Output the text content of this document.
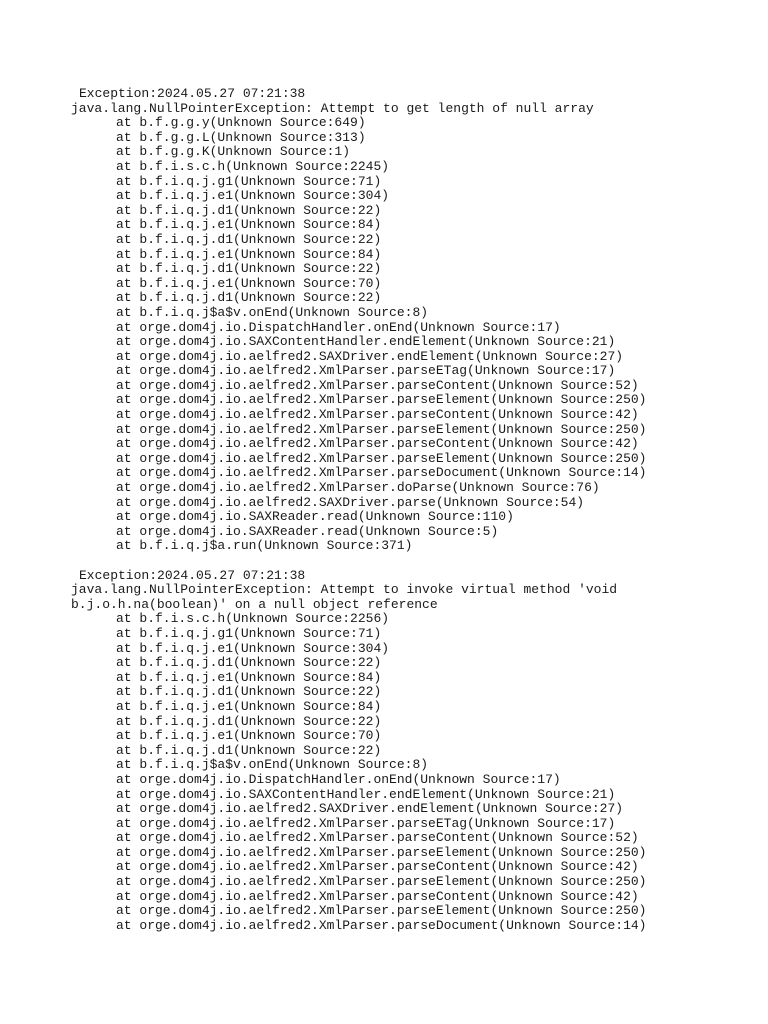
Exception:2024.05.27 07:21:38
java.lang.NullPointerException: Attempt to get length of null array
at b.f.g.g.y(Unknown Source:649)
at b.f.g.g.L(Unknown Source:313)
at b.f.g.g.K(Unknown Source:1)
at b.f.i.s.c.h(Unknown Source:2245)
at b.f.i.q.j.g1(Unknown Source:71)
at b.f.i.q.j.e1(Unknown Source:304)
at b.f.i.q.j.d1(Unknown Source:22)
at b.f.i.q.j.e1(Unknown Source:84)
at b.f.i.q.j.d1(Unknown Source:22)
at b.f.i.q.j.e1(Unknown Source:84)
at b.f.i.q.j.d1(Unknown Source:22)
at b.f.i.q.j.e1(Unknown Source:70)
at b.f.i.q.j.d1(Unknown Source:22)
at b.f.i.q.j$a$v.onEnd(Unknown Source:8)
at orge.dom4j.io.DispatchHandler.onEnd(Unknown Source:17)
at orge.dom4j.io.SAXContentHandler.endElement(Unknown Source:21)
at orge.dom4j.io.aelfred2.SAXDriver.endElement(Unknown Source:27)
at orge.dom4j.io.aelfred2.XmlParser.parseETag(Unknown Source:17)
at orge.dom4j.io.aelfred2.XmlParser.parseContent(Unknown Source:52)
at orge.dom4j.io.aelfred2.XmlParser.parseElement(Unknown Source:250)
at orge.dom4j.io.aelfred2.XmlParser.parseContent(Unknown Source:42)
at orge.dom4j.io.aelfred2.XmlParser.parseElement(Unknown Source:250)
at orge.dom4j.io.aelfred2.XmlParser.parseContent(Unknown Source:42)
at orge.dom4j.io.aelfred2.XmlParser.parseElement(Unknown Source:250)
at orge.dom4j.io.aelfred2.XmlParser.parseDocument(Unknown Source:14)
at orge.dom4j.io.aelfred2.XmlParser.doParse(Unknown Source:76)
at orge.dom4j.io.aelfred2.SAXDriver.parse(Unknown Source:54)
at orge.dom4j.io.SAXReader.read(Unknown Source:110)
at orge.dom4j.io.SAXReader.read(Unknown Source:5)
at b.f.i.q.j$a.run(Unknown Source:371)
Exception:2024.05.27 07:21:38
java.lang.NullPointerException: Attempt to invoke virtual method 'void
b.j.o.h.na(boolean)' on a null object reference
at b.f.i.s.c.h(Unknown Source:2256)
at b.f.i.q.j.g1(Unknown Source:71)
at b.f.i.q.j.e1(Unknown Source:304)
at b.f.i.q.j.d1(Unknown Source:22)
at b.f.i.q.j.e1(Unknown Source:84)
at b.f.i.q.j.d1(Unknown Source:22)
at b.f.i.q.j.e1(Unknown Source:84)
at b.f.i.q.j.d1(Unknown Source:22)
at b.f.i.q.j.e1(Unknown Source:70)
at b.f.i.q.j.d1(Unknown Source:22)
at b.f.i.q.j$a$v.onEnd(Unknown Source:8)
at orge.dom4j.io.DispatchHandler.onEnd(Unknown Source:17)
at orge.dom4j.io.SAXContentHandler.endElement(Unknown Source:21)
at orge.dom4j.io.aelfred2.SAXDriver.endElement(Unknown Source:27)
at orge.dom4j.io.aelfred2.XmlParser.parseETag(Unknown Source:17)
at orge.dom4j.io.aelfred2.XmlParser.parseContent(Unknown Source:52)
at orge.dom4j.io.aelfred2.XmlParser.parseElement(Unknown Source:250)
at orge.dom4j.io.aelfred2.XmlParser.parseContent(Unknown Source:42)
at orge.dom4j.io.aelfred2.XmlParser.parseElement(Unknown Source:250)
at orge.dom4j.io.aelfred2.XmlParser.parseContent(Unknown Source:42)
at orge.dom4j.io.aelfred2.XmlParser.parseElement(Unknown Source:250)
at orge.dom4j.io.aelfred2.XmlParser.parseDocument(Unknown Source:14)
